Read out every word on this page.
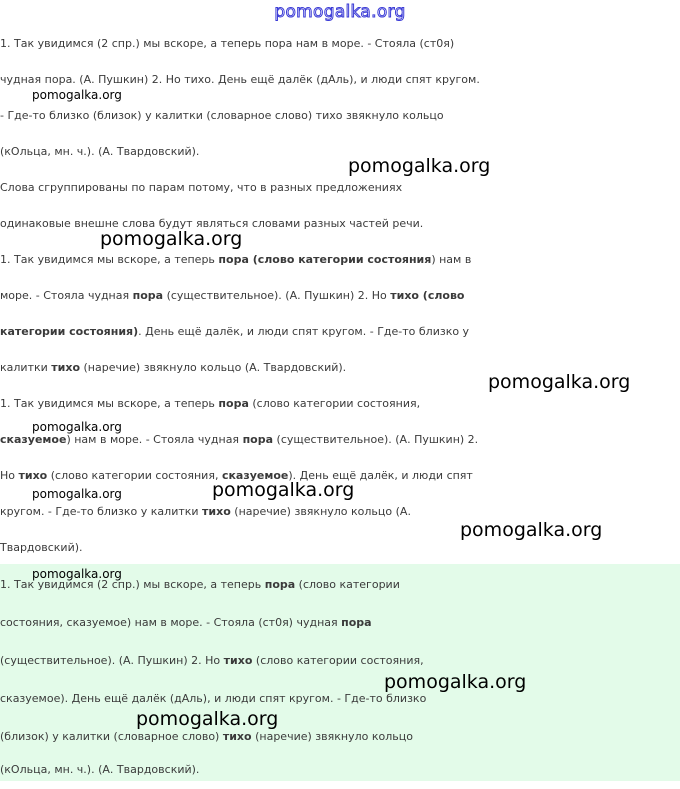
pomogalka.org

1. Так увидимся (2 спр.) мы вскоре, а теперь пора нам в море. - Стояла (ст0я)

чудная пора. (А. Пушкин) 2. Но тихо. День ещё далёк (дАль), и люди спят кругом.

- Где-то близко (близок) у калитки (словарное слово) тихо звякнуло кольцо

(кОльца, мн. ч.). (А. Твардовский).

Слова сгруппированы по парам потому, что в разных предложениях

одинаковые внешне слова будут являться словами разных частей речи.

1. Так увидимся мы вскоре, а теперь пора (слово категории состояния) нам в

море. - Стояла чудная пора (существительное). (А. Пушкин) 2. Но тихо (слово

категории состояния). День ещё далёк, и люди спят кругом. - Где-то близко у

калитки тихо (наречие) звякнуло кольцо (А. Твардовский).

1. Так увидимся мы вскоре, а теперь пора (слово категории состояния,

сказуемое) нам в море. - Стояла чудная пора (существительное). (А. Пушкин) 2.

Но тихо (слово категории состояния, сказуемое). День ещё далёк, и люди спят

кругом. - Где-то близко у калитки тихо (наречие) звякнуло кольцо (А.

Твардовский).

1. Так увидимся (2 спр.) мы вскоре, а теперь пора (слово категории

состояния, сказуемое) нам в море. - Стояла (ст0я) чудная пора

(существительное). (А. Пушкин) 2. Но тихо (слово категории состояния,

сказуемое). День ещё далёк (дАль), и люди спят кругом. - Где-то близко

(близок) у калитки (словарное слово) тихо (наречие) звякнуло кольцо

(кОльца, мн. ч.). (А. Твардовский).

pomogalka.org
pomogalka.org
pomogalka.org
pomogalka.org
pomogalka.org
pomogalka.org	pomogalka.org
pomogalka.org
pomogalka.org
pomogalka.org
pomogalka.org
